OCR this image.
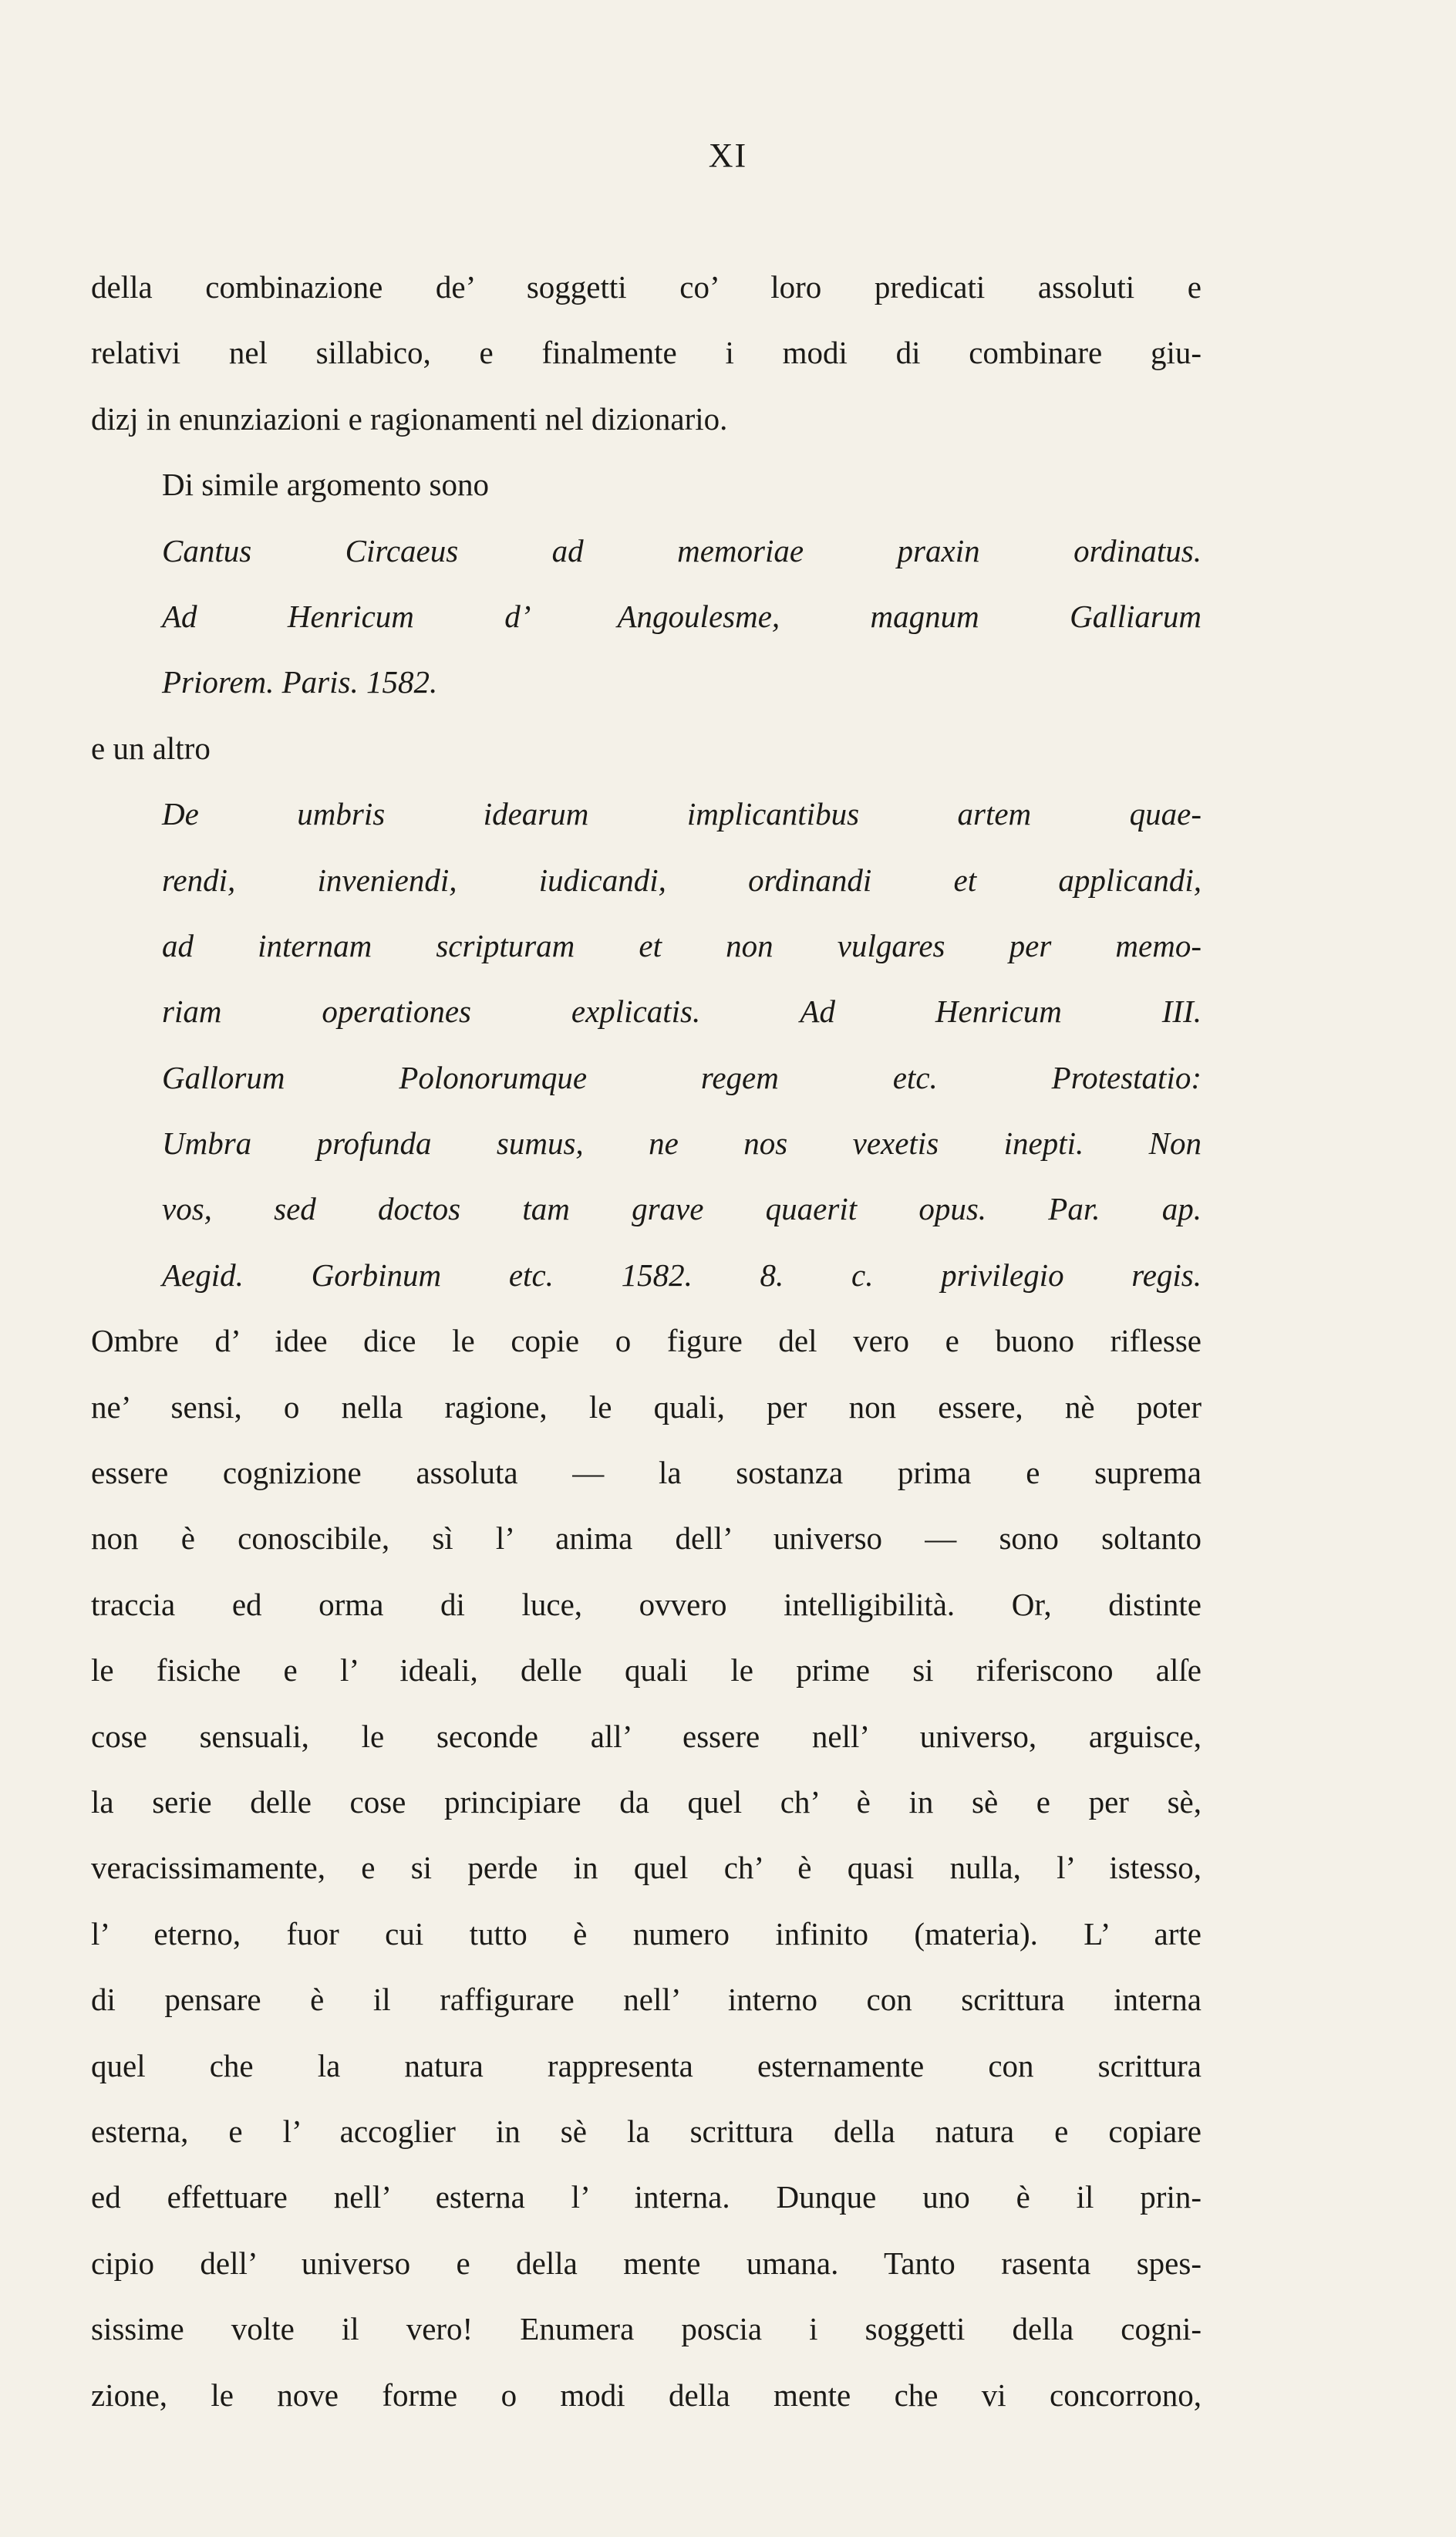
XI
della combinazione de’ soggetti co’ loro predicati assoluti e
relativi nel sillabico, e finalmente i modi di combinare giu-
dizj in enunziazioni e ragionamenti nel dizionario.
Di simile argomento sono
Cantus Circaeus ad memoriae praxin ordinatus.
Ad Henricum d’ Angoulesme, magnum Galliarum
Priorem. Paris. 1582.
e un altro
De umbris idearum implicantibus artem quae-
rendi, inveniendi, iudicandi, ordinandi et applicandi,
ad internam scripturam et non vulgares per memo-
riam operationes explicatis. Ad Henricum III.
Gallorum Polonorumque regem etc. Protestatio:
Umbra profunda sumus, ne nos vexetis inepti. Non
vos, sed doctos tam grave quaerit opus. Par. ap.
Aegid. Gorbinum etc. 1582. 8. c. privilegio regis.
Ombre d’ idee dice le copie o figure del vero e buono riflesse
ne’ sensi, o nella ragione, le quali, per non essere, nè poter
essere cognizione assoluta — la sostanza prima e suprema
non è conoscibile, sì l’ anima dell’ universo — sono soltanto
traccia ed orma di luce, ovvero intelligibilità. Or, distinte
le fisiche e l’ ideali, delle quali le prime si riferiscono alſe
cose sensuali, le seconde all’ essere nell’ universo, arguisce,
la serie delle cose principiare da quel ch’ è in sè e per sè,
veracissimamente, e si perde in quel ch’ è quasi nulla, l’ istesso,
l’ eterno, fuor cui tutto è numero infinito (materia). L’ arte
di pensare è il raffigurare nell’ interno con scrittura interna
quel che la natura rappresenta esternamente con scrittura
esterna, e l’ accoglier in sè la scrittura della natura e copiare
ed effettuare nell’ esterna l’ interna. Dunque uno è il prin-
cipio dell’ universo e della mente umana. Tanto rasenta spes-
sissime volte il vero! Enumera poscia i soggetti della cogni-
zione, le nove forme o modi della mente che vi concorrono,
